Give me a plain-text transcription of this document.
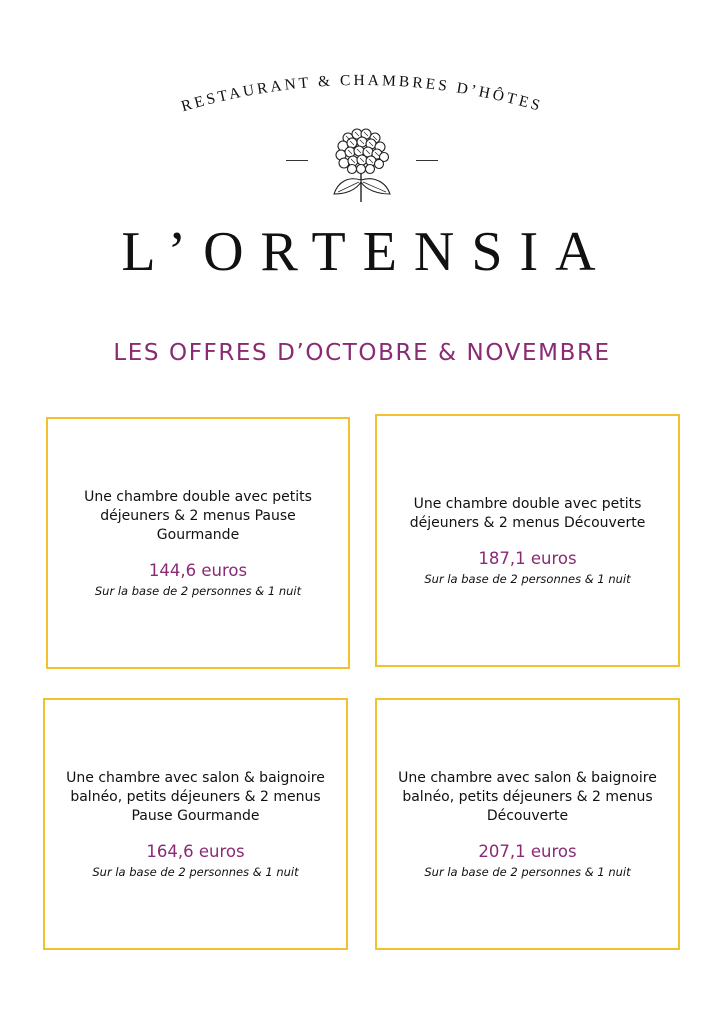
RESTAURANT & CHAMBRES D’HÔTES
L’ORTENSIA
LES OFFRES D’OCTOBRE & NOVEMBRE
Une chambre double avec petits
déjeuners & 2 menus Pause
Gourmande
144,6 euros
Sur la base de 2 personnes & 1 nuit
Une chambre double avec petits
déjeuners & 2 menus Découverte
187,1 euros
Sur la base de 2 personnes & 1 nuit
Une chambre avec salon & baignoire
balnéo, petits déjeuners & 2 menus
Pause Gourmande
164,6 euros
Sur la base de 2 personnes & 1 nuit
Une chambre avec salon & baignoire
balnéo, petits déjeuners & 2 menus
Découverte
207,1 euros
Sur la base de 2 personnes & 1 nuit
